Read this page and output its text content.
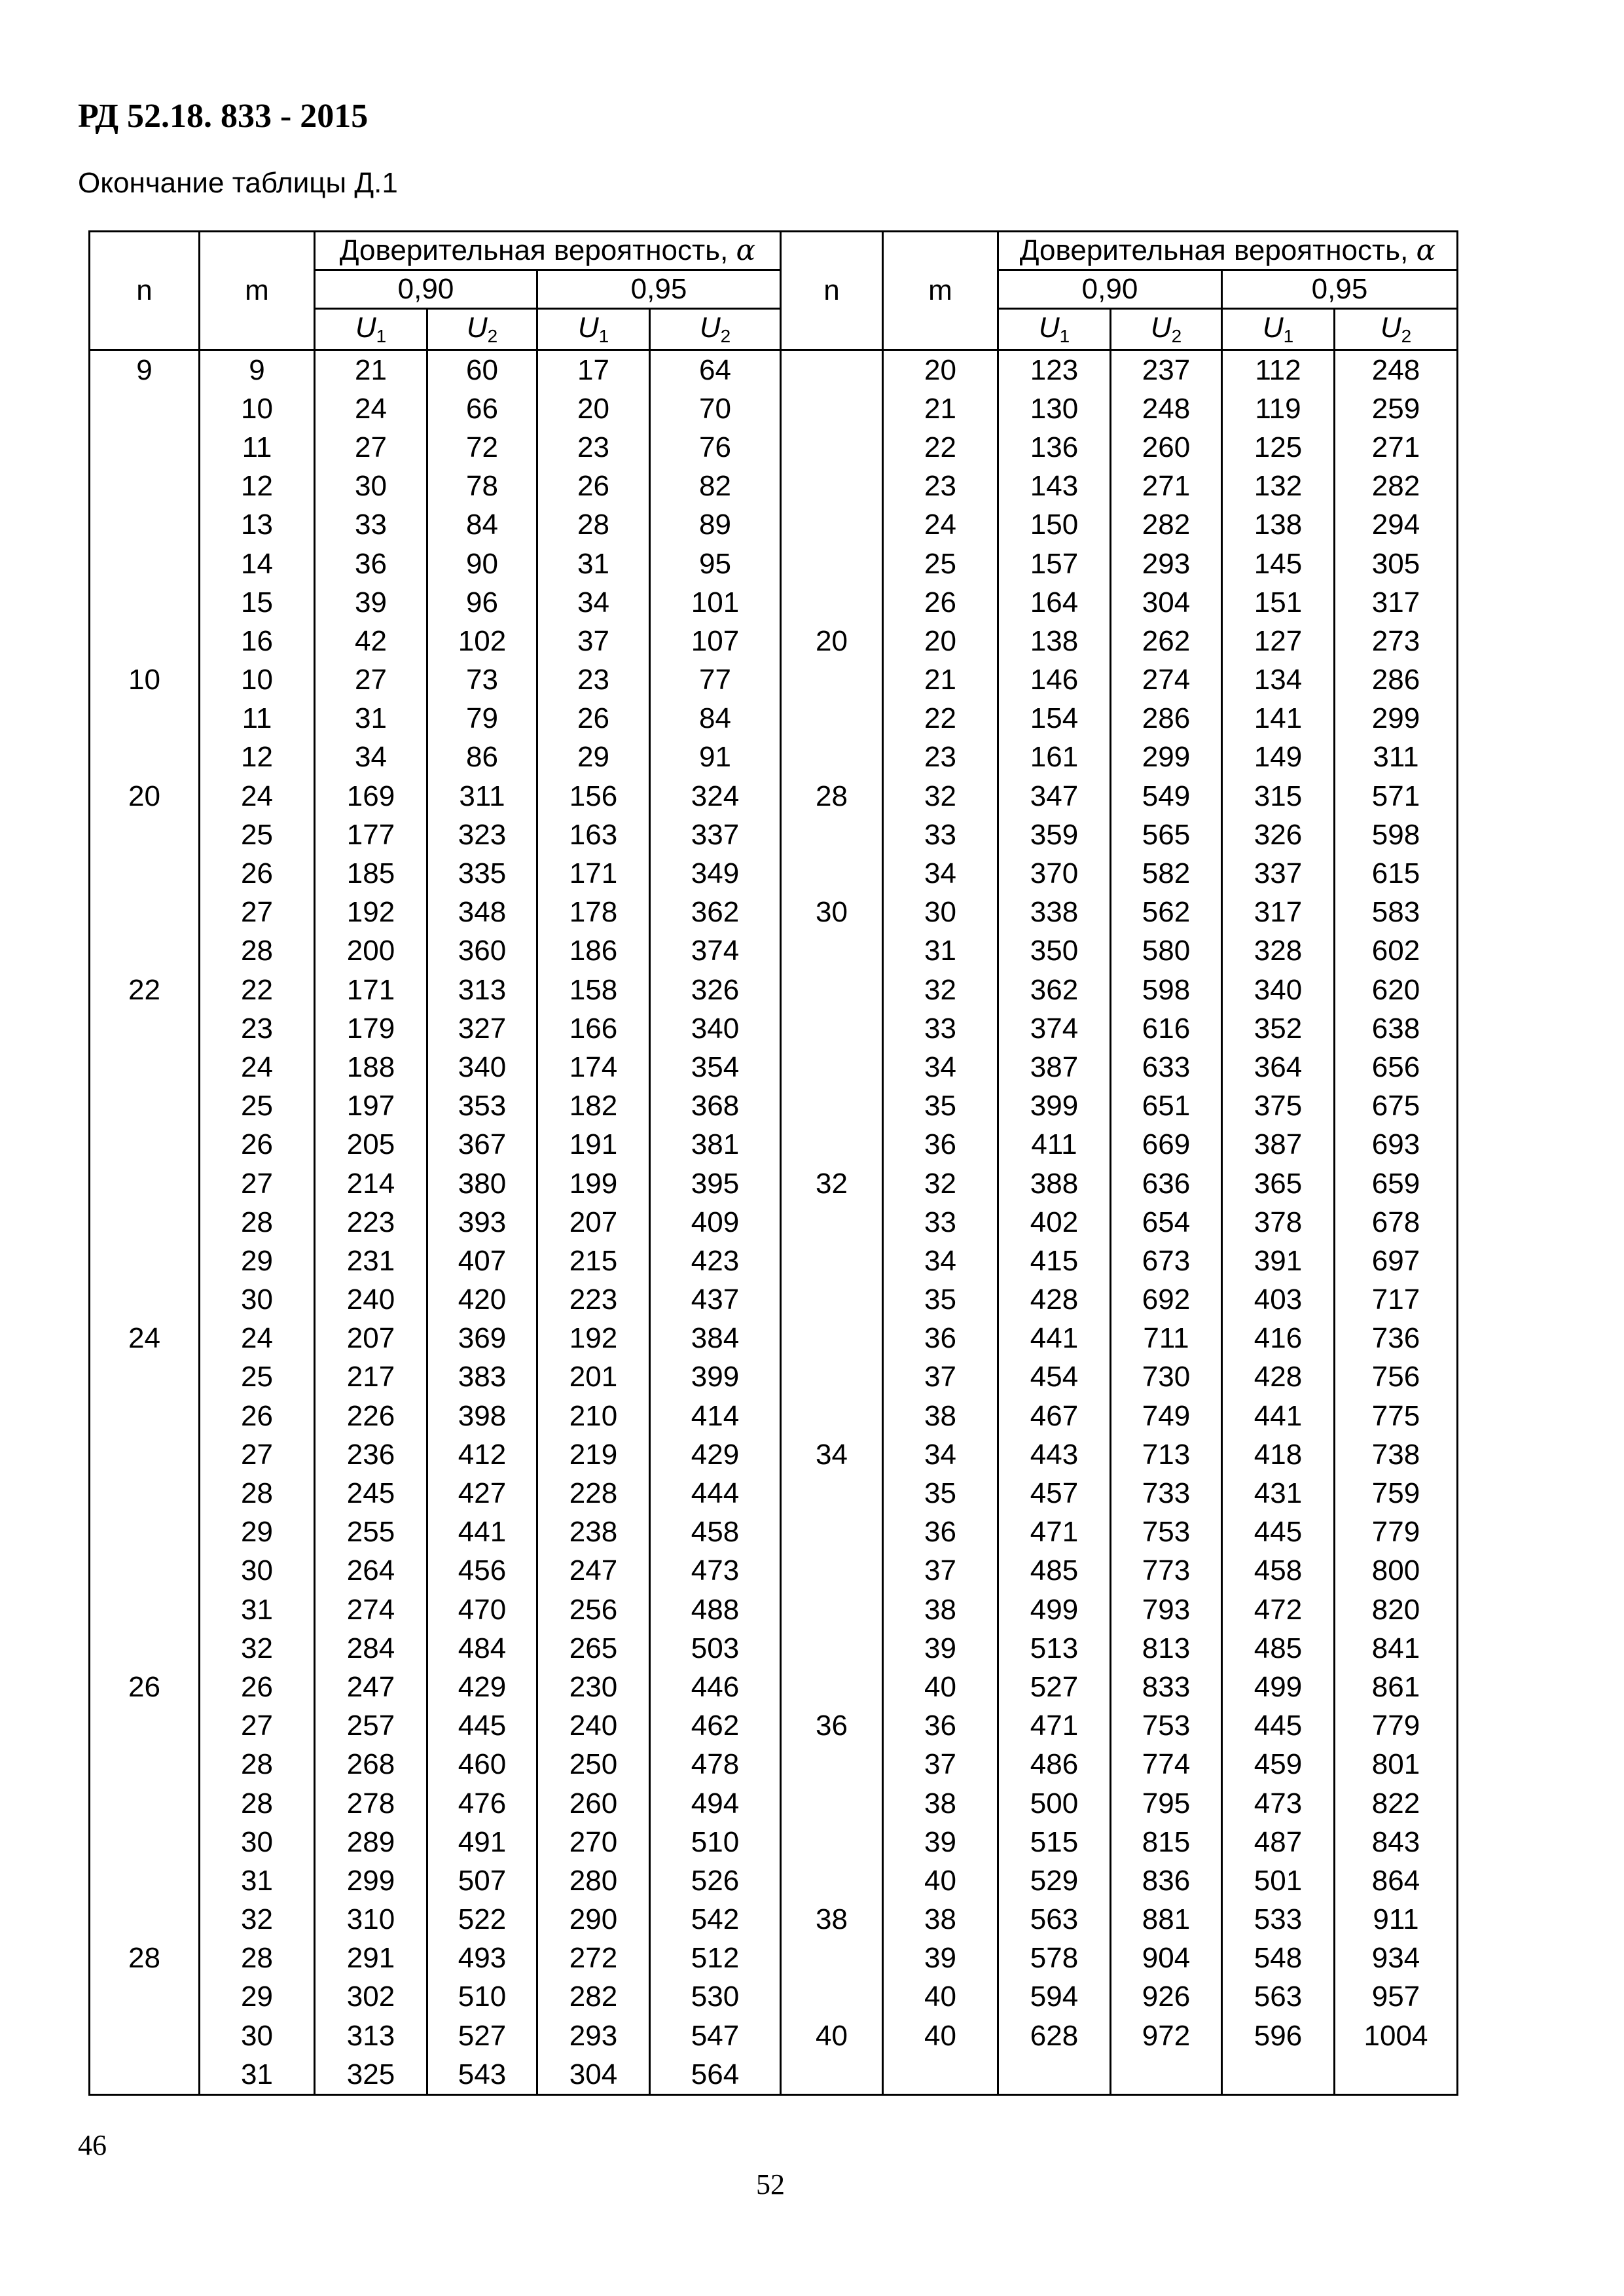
РД 52.18. 833 - 2015
Окончание таблицы Д.1
n	m	Доверительная вероятность, α				n	m	Доверительная вероятность, α			
		0,90		0,95				0,90		0,95	
		$U_1$	$U_2$	$U_1$	$U_2$			$U_1$	$U_2$	$U_1$	$U_2$
9	9	21	60	17	64		20	123	237	112	248
	10	24	66	20	70		21	130	248	119	259
	11	27	72	23	76		22	136	260	125	271
	12	30	78	26	82		23	143	271	132	282
	13	33	84	28	89		24	150	282	138	294
	14	36	90	31	95		25	157	293	145	305
	15	39	96	34	101		26	164	304	151	317
	16	42	102	37	107	20	20	138	262	127	273
10	10	27	73	23	77		21	146	274	134	286
	11	31	79	26	84		22	154	286	141	299
	12	34	86	29	91		23	161	299	149	311
20	24	169	311	156	324	28	32	347	549	315	571
	25	177	323	163	337		33	359	565	326	598
	26	185	335	171	349		34	370	582	337	615
	27	192	348	178	362	30	30	338	562	317	583
	28	200	360	186	374		31	350	580	328	602
22	22	171	313	158	326		32	362	598	340	620
	23	179	327	166	340		33	374	616	352	638
	24	188	340	174	354		34	387	633	364	656
	25	197	353	182	368		35	399	651	375	675
	26	205	367	191	381		36	411	669	387	693
	27	214	380	199	395	32	32	388	636	365	659
	28	223	393	207	409		33	402	654	378	678
	29	231	407	215	423		34	415	673	391	697
	30	240	420	223	437		35	428	692	403	717
24	24	207	369	192	384		36	441	711	416	736
	25	217	383	201	399		37	454	730	428	756
	26	226	398	210	414		38	467	749	441	775
	27	236	412	219	429	34	34	443	713	418	738
	28	245	427	228	444		35	457	733	431	759
	29	255	441	238	458		36	471	753	445	779
	30	264	456	247	473		37	485	773	458	800
	31	274	470	256	488		38	499	793	472	820
	32	284	484	265	503		39	513	813	485	841
26	26	247	429	230	446		40	527	833	499	861
	27	257	445	240	462	36	36	471	753	445	779
	28	268	460	250	478		37	486	774	459	801
	28	278	476	260	494		38	500	795	473	822
	30	289	491	270	510		39	515	815	487	843
	31	299	507	280	526		40	529	836	501	864
	32	310	522	290	542	38	38	563	881	533	911
28	28	291	493	272	512		39	578	904	548	934
	29	302	510	282	530		40	594	926	563	957
	30	313	527	293	547	40	40	628	972	596	1004
	31	325	543	304	564						
46
52
